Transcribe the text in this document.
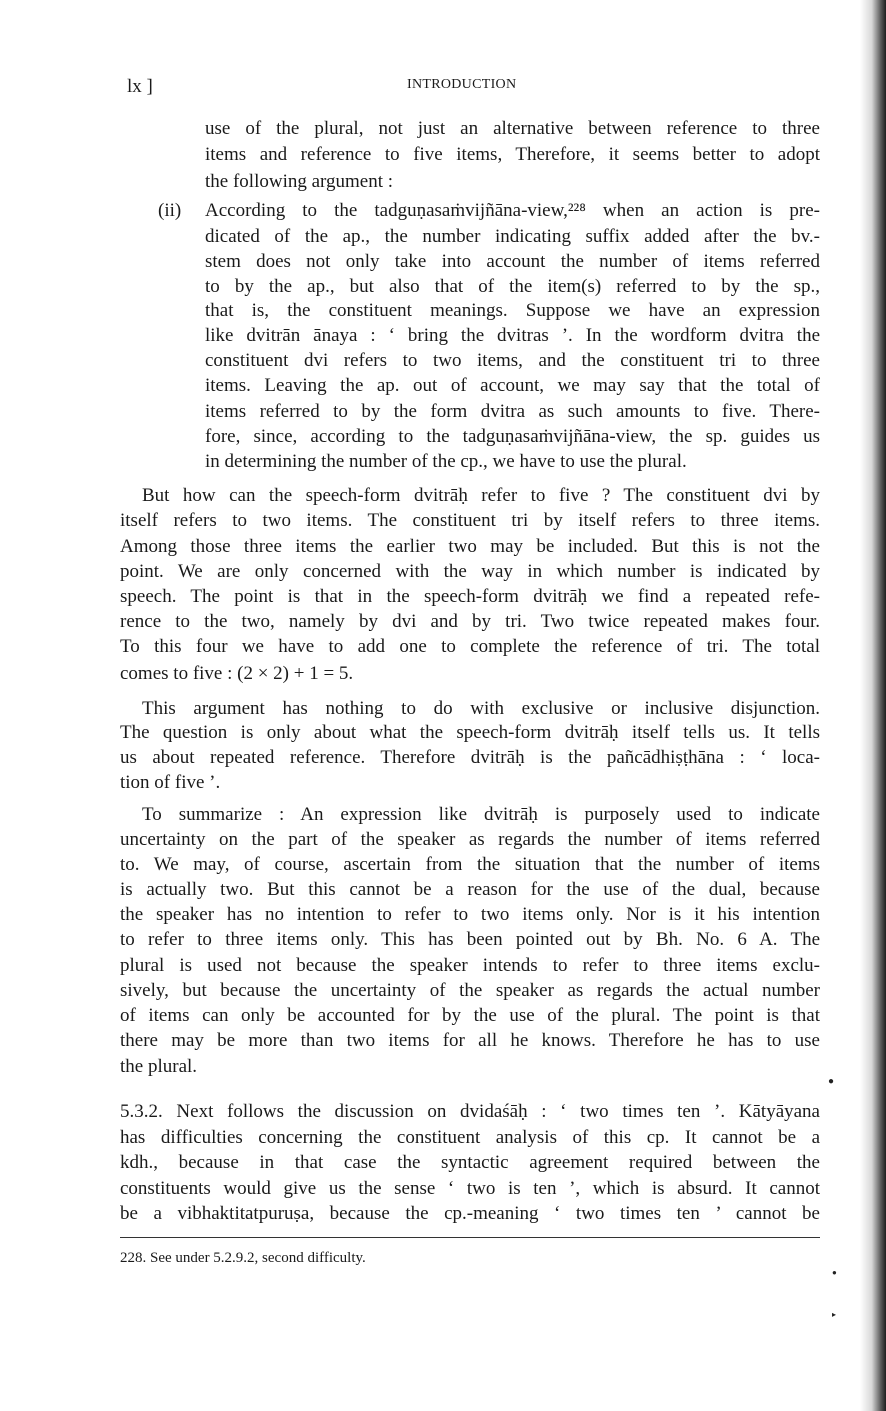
lx ]	INTRODUCTION
(ii)
use of the plural, not just an alternative between reference to three
items and reference to five items, Therefore, it seems better to adopt
the following argument :
According to the tadguṇasaṁvijñāna-view,²²⁸ when an action is pre-
dicated of the ap., the number indicating suffix added after the bv.-
stem does not only take into account the number of items referred
to by the ap., but also that of the item(s) referred to by the sp.,
that is, the constituent meanings. Suppose we have an expression
like dvitrān ānaya : ‘ bring the dvitras ’. In the wordform dvitra the
constituent dvi refers to two items, and the constituent tri to three
items. Leaving the ap. out of account, we may say that the total of
items referred to by the form dvitra as such amounts to five. There-
fore, since, according to the tadguṇasaṁvijñāna-view, the sp. guides us
in determining the number of the cp., we have to use the plural.
But how can the speech-form dvitrāḥ refer to five ? The constituent dvi by
itself refers to two items. The constituent tri by itself refers to three items.
Among those three items the earlier two may be included. But this is not the
point. We are only concerned with the way in which number is indicated by
speech. The point is that in the speech-form dvitrāḥ we find a repeated refe-
rence to the two, namely by dvi and by tri. Two twice repeated makes four.
To this four we have to add one to complete the reference of tri. The total
comes to five : (2 × 2) + 1 = 5.
This argument has nothing to do with exclusive or inclusive disjunction.
The question is only about what the speech-form dvitrāḥ itself tells us. It tells
us about repeated reference. Therefore dvitrāḥ is the pañcādhiṣṭhāna : ‘ loca-
tion of five ’.
To summarize : An expression like dvitrāḥ is purposely used to indicate
uncertainty on the part of the speaker as regards the number of items referred
to. We may, of course, ascertain from the situation that the number of items
is actually two. But this cannot be a reason for the use of the dual, because
the speaker has no intention to refer to two items only. Nor is it his intention
to refer to three items only. This has been pointed out by Bh. No. 6 A. The
plural is used not because the speaker intends to refer to three items exclu-
sively, but because the uncertainty of the speaker as regards the actual number
of items can only be accounted for by the use of the plural. The point is that
there may be more than two items for all he knows. Therefore he has to use
the plural.
5.3.2. Next follows the discussion on dvidaśāḥ : ‘ two times ten ’. Kātyāyana
has difficulties concerning the constituent analysis of this cp. It cannot be a
kdh., because in that case the syntactic agreement required between the
constituents would give us the sense ‘ two is ten ’, which is absurd. It cannot
be a vibhaktitatpuruṣa, because the cp.-meaning ‘ two times ten ’ cannot be
228. See under 5.2.9.2, second difficulty.
●
●
▸
